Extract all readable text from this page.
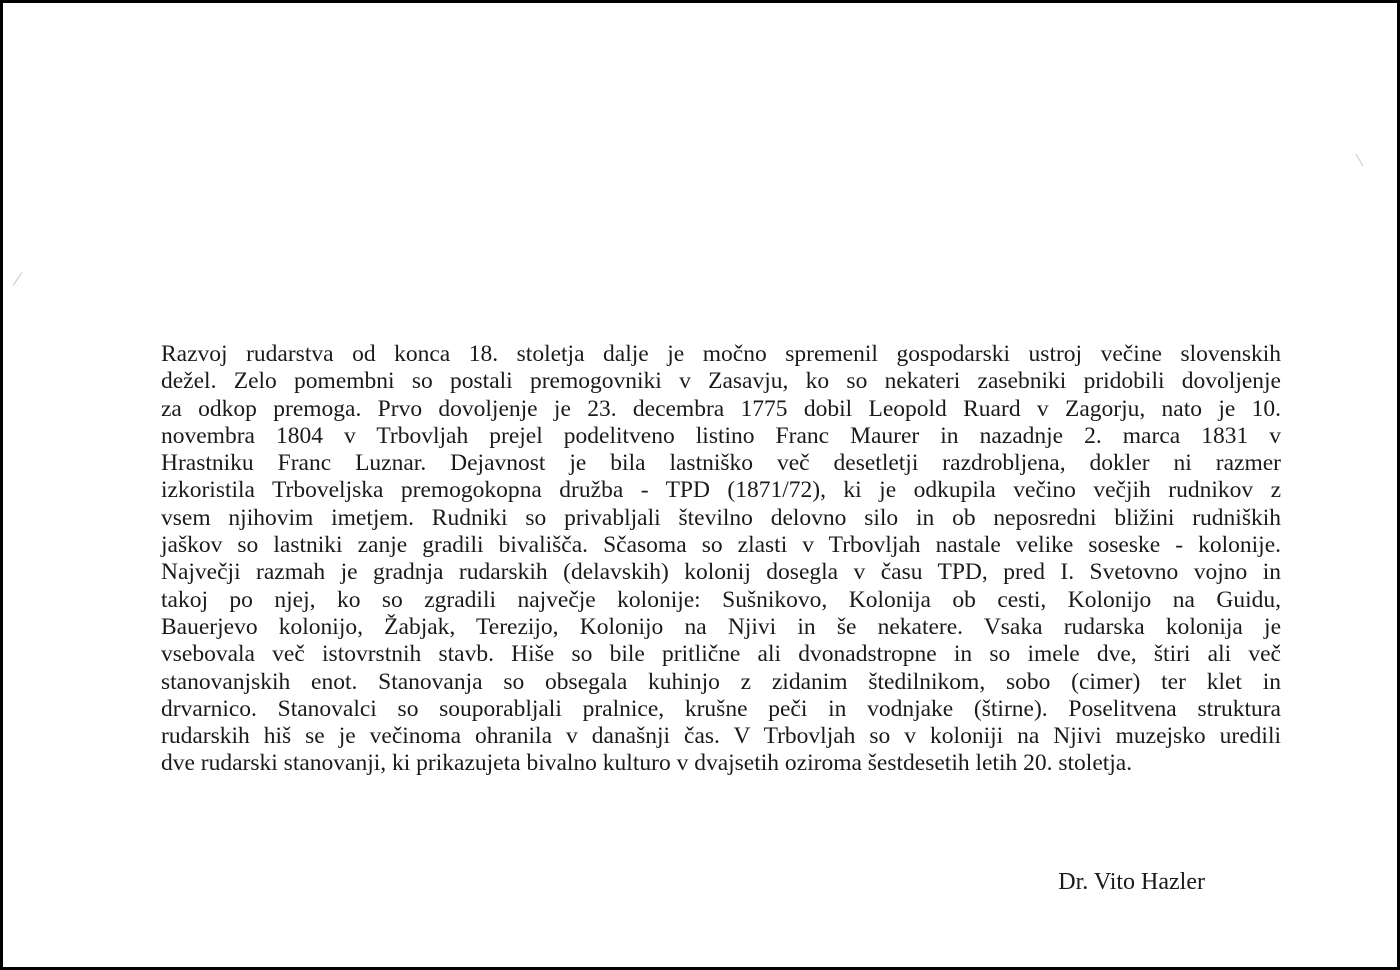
Razvoj rudarstva od konca 18. stoletja dalje je močno spremenil gospodarski ustroj večine slovenskih
dežel. Zelo pomembni so postali premogovniki v Zasavju, ko so nekateri zasebniki pridobili dovoljenje
za odkop premoga. Prvo dovoljenje je 23. decembra 1775 dobil Leopold Ruard v Zagorju, nato je 10.
novembra 1804 v Trbovljah prejel podelitveno listino Franc Maurer in nazadnje 2. marca 1831 v
Hrastniku Franc Luznar. Dejavnost je bila lastniško več desetletji razdrobljena, dokler ni razmer
izkoristila Trboveljska premogokopna družba - TPD (1871/72), ki je odkupila večino večjih rudnikov z
vsem njihovim imetjem. Rudniki so privabljali številno delovno silo in ob neposredni bližini rudniških
jaškov so lastniki zanje gradili bivališča. Sčasoma so zlasti v Trbovljah nastale velike soseske - kolonije.
Največji razmah je gradnja rudarskih (delavskih) kolonij dosegla v času TPD, pred I. Svetovno vojno in
takoj po njej, ko so zgradili največje kolonije: Sušnikovo, Kolonija ob cesti, Kolonijo na Guidu,
Bauerjevo kolonijo, Žabjak, Terezijo, Kolonijo na Njivi in še nekatere. Vsaka rudarska kolonija je
vsebovala več istovrstnih stavb. Hiše so bile pritlične ali dvonadstropne in so imele dve, štiri ali več
stanovanjskih enot. Stanovanja so obsegala kuhinjo z zidanim štedilnikom, sobo (cimer) ter klet in
drvarnico. Stanovalci so souporabljali pralnice, krušne peči in vodnjake (štirne). Poselitvena struktura
rudarskih hiš se je večinoma ohranila v današnji čas. V Trbovljah so v koloniji na Njivi muzejsko uredili
dve rudarski stanovanji, ki prikazujeta bivalno kulturo v dvajsetih oziroma šestdesetih letih 20. stoletja.
Dr. Vito Hazler
